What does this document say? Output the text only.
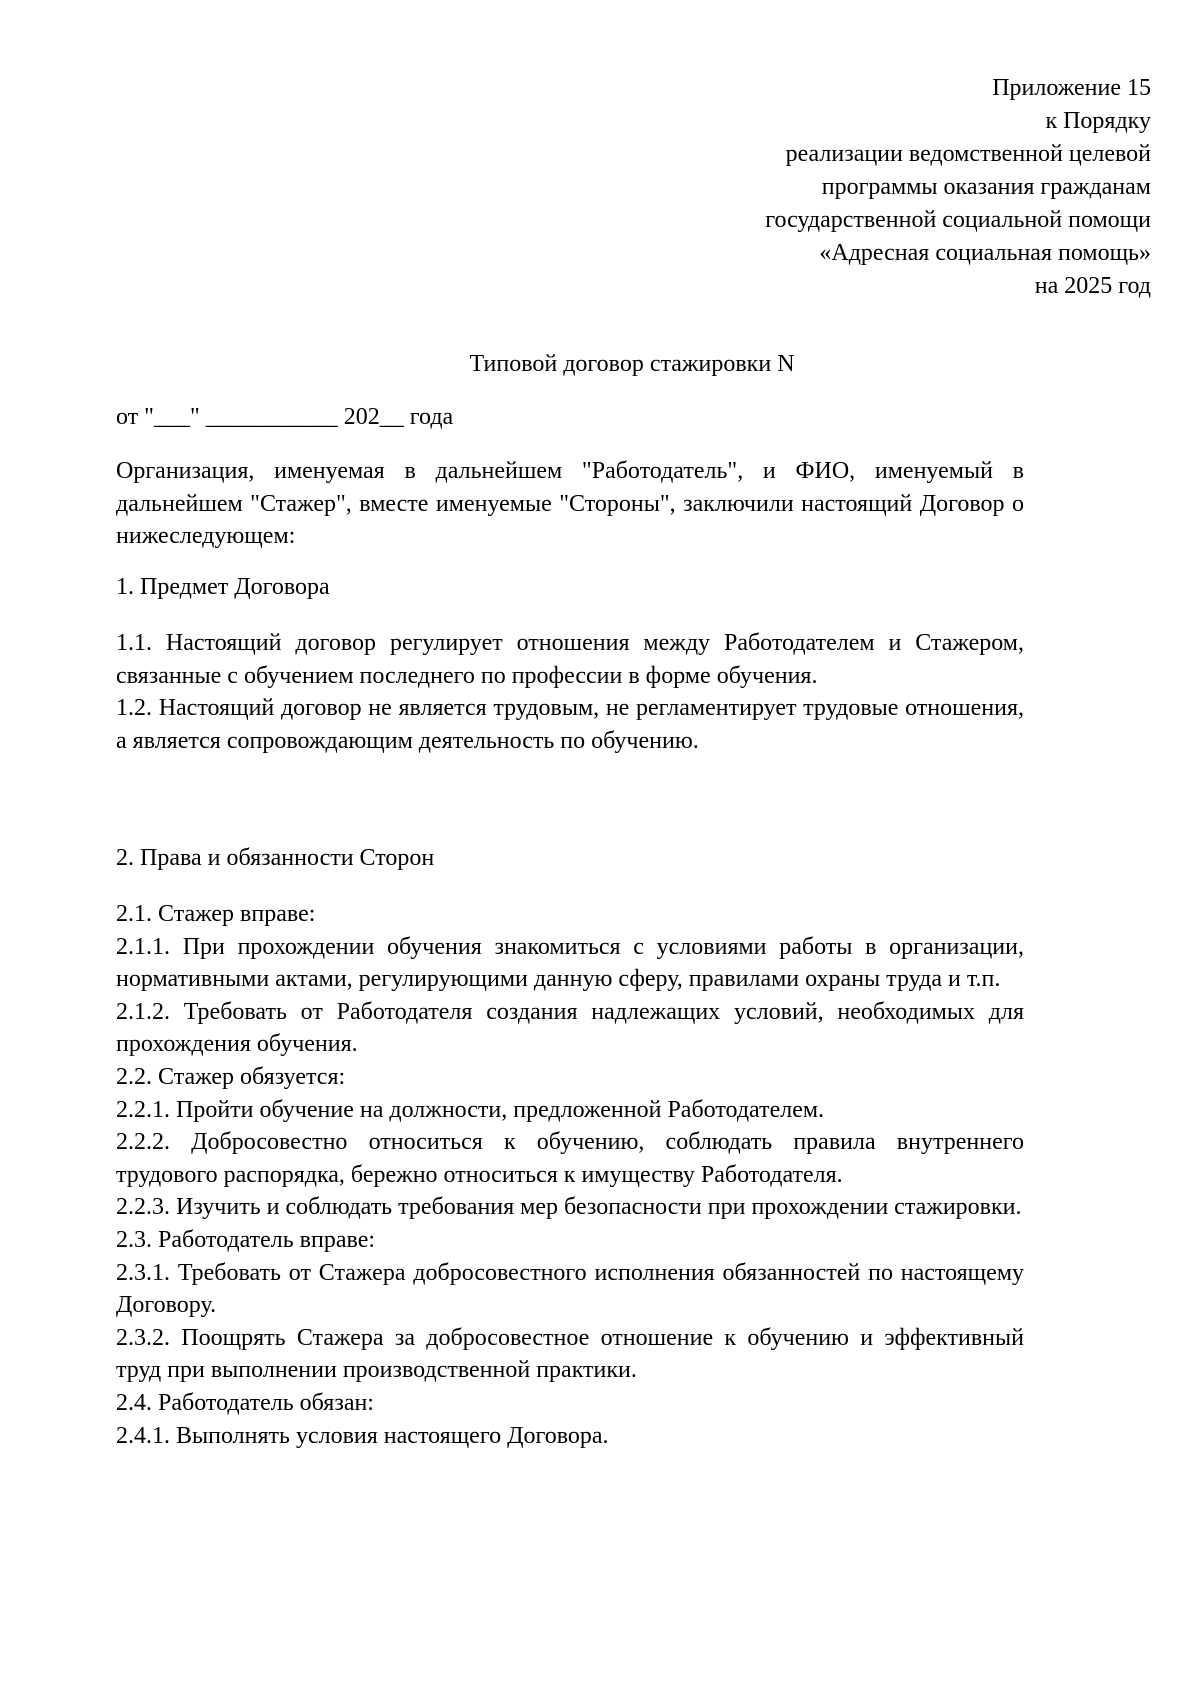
Приложение 15
к Порядку
реализации ведомственной целевой
программы оказания гражданам
государственной социальной помощи
«Адресная социальная помощь»
на 2025 год
Типовой договор стажировки N
от "___" ___________ 202__ года
Организация, именуемая в дальнейшем "Работодатель", и ФИО, именуемый в дальнейшем "Стажер", вместе именуемые "Стороны", заключили настоящий Договор о нижеследующем:
1. Предмет Договора
1.1. Настоящий договор регулирует отношения между Работодателем и Стажером, связанные с обучением последнего по профессии в форме обучения.
1.2. Настоящий договор не является трудовым, не регламентирует трудовые отношения, а является сопровождающим деятельность по обучению.
2. Права и обязанности Сторон
2.1. Стажер вправе:
2.1.1. При прохождении обучения знакомиться с условиями работы в организации, нормативными актами, регулирующими данную сферу, правилами охраны труда и т.п.
2.1.2. Требовать от Работодателя создания надлежащих условий, необходимых для прохождения обучения.
2.2. Стажер обязуется:
2.2.1. Пройти обучение на должности, предложенной Работодателем.
2.2.2. Добросовестно относиться к обучению, соблюдать правила внутреннего трудового распорядка, бережно относиться к имуществу Работодателя.
2.2.3. Изучить и соблюдать требования мер безопасности при прохождении стажировки.
2.3. Работодатель вправе:
2.3.1. Требовать от Стажера добросовестного исполнения обязанностей по настоящему Договору.
2.3.2. Поощрять Стажера за добросовестное отношение к обучению и эффективный труд при выполнении производственной практики.
2.4. Работодатель обязан:
2.4.1. Выполнять условия настоящего Договора.
